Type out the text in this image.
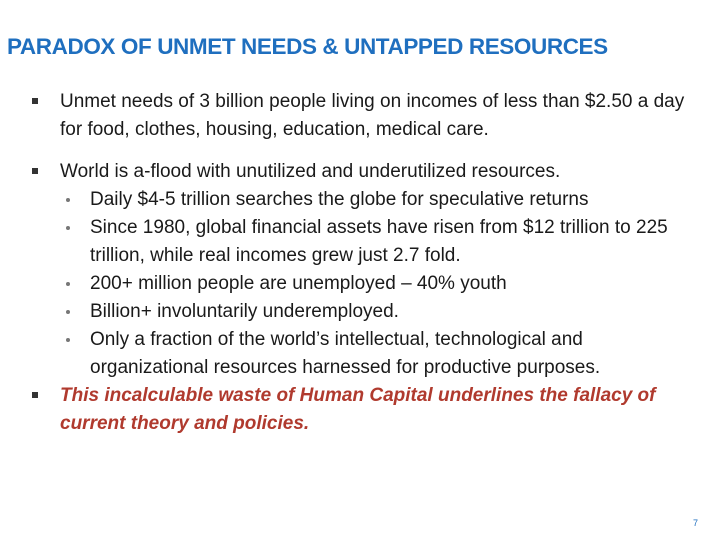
PARADOX OF UNMET NEEDS & UNTAPPED RESOURCES
Unmet needs of 3 billion people living on incomes of less than $2.50 a day for food, clothes, housing, education, medical care.
World is a-flood with unutilized and underutilized resources.
Daily $4-5 trillion searches the globe for speculative returns
Since 1980, global financial assets have risen from $12 trillion to 225 trillion, while real incomes grew just 2.7 fold.
200+ million people are unemployed – 40% youth
Billion+ involuntarily underemployed.
Only a fraction of the world’s intellectual, technological and organizational resources harnessed for productive purposes.
This incalculable waste of Human Capital underlines the fallacy of current theory and policies.
7
